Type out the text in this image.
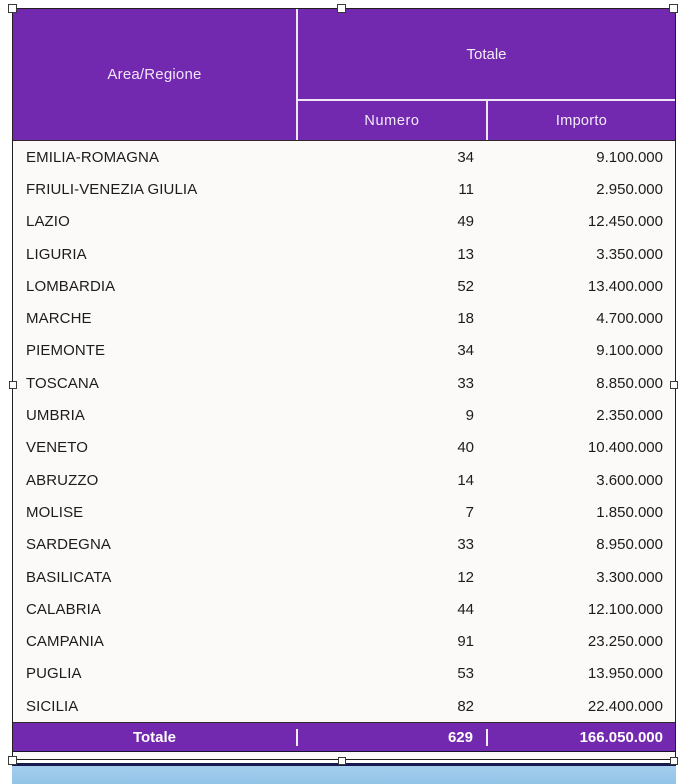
Area/Regione
Totale
Numero	Importo
EMILIA-ROMAGNA	34	9.100.000
FRIULI-VENEZIA GIULIA	11	2.950.000
LAZIO	49	12.450.000
LIGURIA	13	3.350.000
LOMBARDIA	52	13.400.000
MARCHE	18	4.700.000
PIEMONTE	34	9.100.000
TOSCANA	33	8.850.000
UMBRIA	9	2.350.000
VENETO	40	10.400.000
ABRUZZO	14	3.600.000
MOLISE	7	1.850.000
SARDEGNA	33	8.950.000
BASILICATA	12	3.300.000
CALABRIA	44	12.100.000
CAMPANIA	91	23.250.000
PUGLIA	53	13.950.000
SICILIA	82	22.400.000
Totale	629	166.050.000
